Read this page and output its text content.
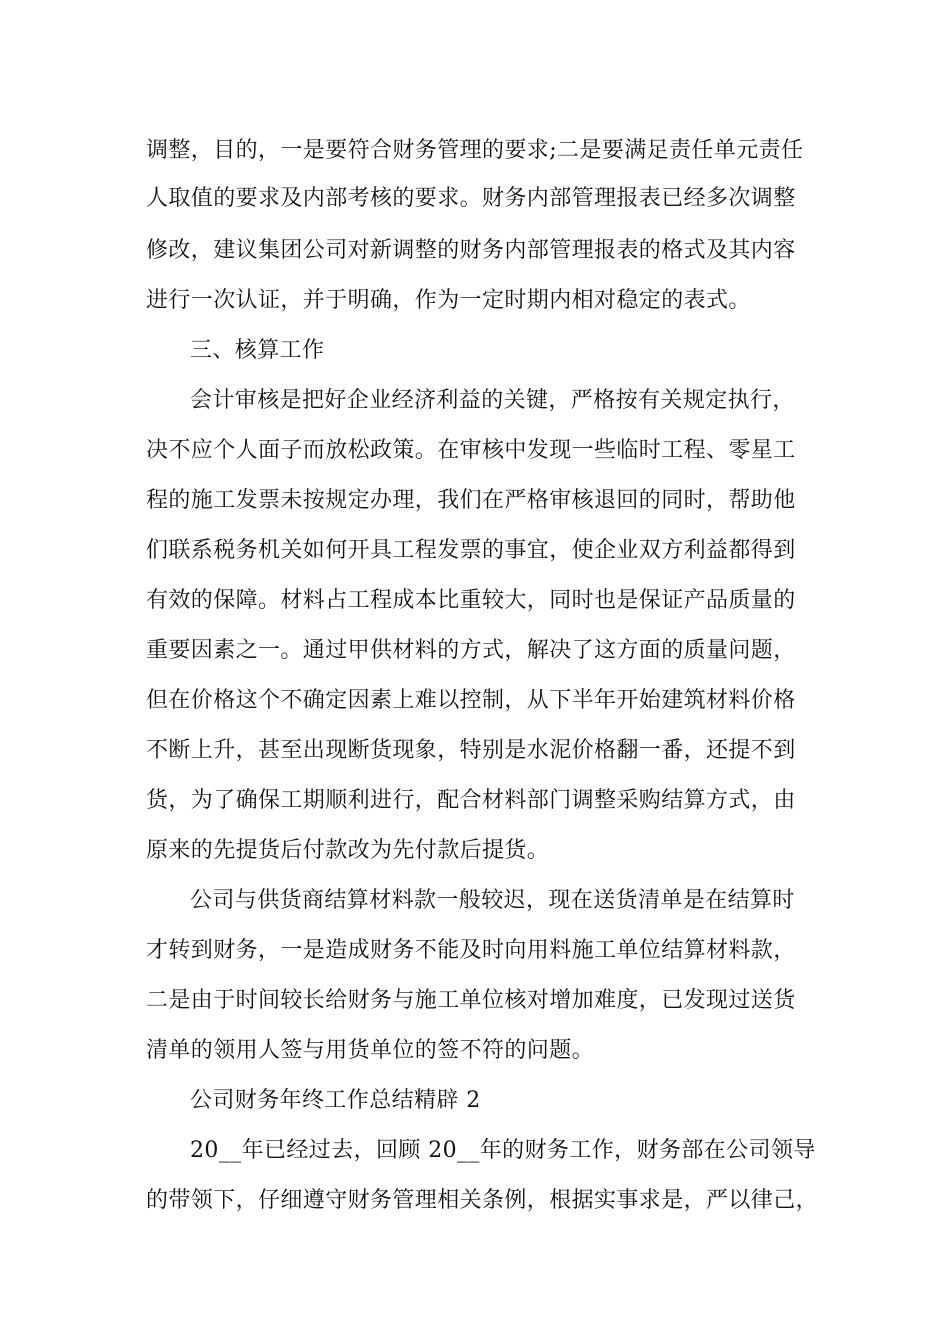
调整，目的，一是要符合财务管理的要求;二是要满足责任单元责任
人取值的要求及内部考核的要求。财务内部管理报表已经多次调整
修改，建议集团公司对新调整的财务内部管理报表的格式及其内容
进行一次认证，并于明确，作为一定时期内相对稳定的表式。
三、核算工作
会计审核是把好企业经济利益的关键，严格按有关规定执行，
决不应个人面子而放松政策。在审核中发现一些临时工程、零星工
程的施工发票未按规定办理，我们在严格审核退回的同时，帮助他
们联系税务机关如何开具工程发票的事宜，使企业双方利益都得到
有效的保障。材料占工程成本比重较大，同时也是保证产品质量的
重要因素之一。通过甲供材料的方式，解决了这方面的质量问题，
但在价格这个不确定因素上难以控制，从下半年开始建筑材料价格
不断上升，甚至出现断货现象，特别是水泥价格翻一番，还提不到
货，为了确保工期顺利进行，配合材料部门调整采购结算方式，由
原来的先提货后付款改为先付款后提货。
公司与供货商结算材料款一般较迟，现在送货清单是在结算时
才转到财务，一是造成财务不能及时向用料施工单位结算材料款，
二是由于时间较长给财务与施工单位核对增加难度，已发现过送货
清单的领用人签与用货单位的签不符的问题。
公司财务年终工作总结精辟 2
20__年已经过去，回顾 20__年的财务工作，财务部在公司领导
的带领下，仔细遵守财务管理相关条例，根据实事求是，严以律己，
